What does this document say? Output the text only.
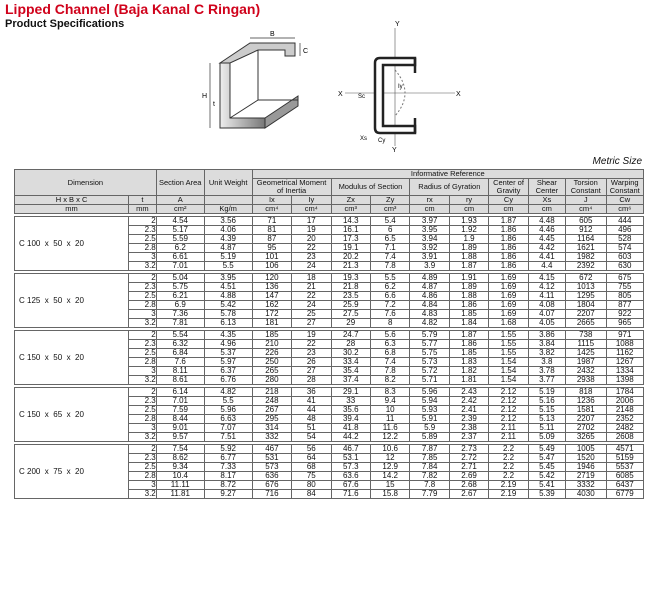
Lipped Channel (Baja Kanal C Ringan)
Product Specifications
B
C
H
t
Y
X	X
Y
Cy
Xs
Sc
Iy
Metric Size
Dimension		Section Area	Unit Weight	Informative Reference									
				Geometrical Moment of Inertia		Modulus of Section		Radius of Gyration		Center of Gravity	Shear Center	Torsion Constant	Warping Constant
H x B x C	t	A		Ix	Iy	Zx	Zy	rx	ry	Cy	Xs	J	Cw
mm	mm	cm²	Kg/m	cm⁴	cm⁴	cm³	cm³	cm	cm	cm	cm	cm⁴	cm⁶

C 100  x  50  x  20	2	4.54	3.56	71	17	14.3	5.4	3.97	1.93	1.87	4.48	605	444
	2.3	5.17	4.06	81	19	16.1	6	3.95	1.92	1.86	4.46	912	496
	2.5	5.59	4.39	87	20	17.3	6.5	3.94	1.9	1.86	4.45	1164	528
	2.8	6.2	4.87	95	22	19.1	7.1	3.92	1.89	1.86	4.42	1621	574
	3	6.61	5.19	101	23	20.2	7.4	3.91	1.88	1.86	4.41	1982	603
	3.2	7.01	5.5	106	24	21.3	7.8	3.9	1.87	1.86	4.4	2392	630

C 125  x  50  x  20	2	5.04	3.95	120	18	19.3	5.5	4.89	1.91	1.69	4.15	672	675
	2.3	5.75	4.51	136	21	21.8	6.2	4.87	1.89	1.69	4.12	1013	755
	2.5	6.21	4.88	147	22	23.5	6.6	4.86	1.88	1.69	4.11	1295	805
	2.8	6.9	5.42	162	24	25.9	7.2	4.84	1.86	1.69	4.08	1804	877
	3	7.36	5.78	172	25	27.5	7.6	4.83	1.85	1.69	4.07	2207	922
	3.2	7.81	6.13	181	27	29	8	4.82	1.84	1.68	4.05	2665	965

C 150  x  50  x  20	2	5.54	4.35	185	19	24.7	5.6	5.79	1.87	1.55	3.86	738	971
	2.3	6.32	4.96	210	22	28	6.3	5.77	1.86	1.55	3.84	1115	1088
	2.5	6.84	5.37	226	23	30.2	6.8	5.75	1.85	1.55	3.82	1425	1162
	2.8	7.6	5.97	250	26	33.4	7.4	5.73	1.83	1.54	3.8	1987	1267
	3	8.11	6.37	265	27	35.4	7.8	5.72	1.82	1.54	3.78	2432	1334
	3.2	8.61	6.76	280	28	37.4	8.2	5.71	1.81	1.54	3.77	2938	1398

C 150  x  65  x  20	2	6.14	4.82	218	36	29.1	8.3	5.96	2.43	2.12	5.19	818	1784
	2.3	7.01	5.5	248	41	33	9.4	5.94	2.42	2.12	5.16	1236	2006
	2.5	7.59	5.96	267	44	35.6	10	5.93	2.41	2.12	5.15	1581	2148
	2.8	8.44	6.63	295	48	39.4	11	5.91	2.39	2.12	5.13	2207	2352
	3	9.01	7.07	314	51	41.8	11.6	5.9	2.38	2.11	5.11	2702	2482
	3.2	9.57	7.51	332	54	44.2	12.2	5.89	2.37	2.11	5.09	3265	2608

C 200  x  75  x  20	2	7.54	5.92	467	56	46.7	10.6	7.87	2.73	2.2	5.49	1005	4571
	2.3	8.62	6.77	531	64	53.1	12	7.85	2.72	2.2	5.47	1520	5159
	2.5	9.34	7.33	573	68	57.3	12.9	7.84	2.71	2.2	5.45	1946	5537
	2.8	10.4	8.17	636	75	63.6	14.2	7.82	2.69	2.2	5.42	2719	6085
	3	11.11	8.72	676	80	67.6	15	7.8	2.68	2.19	5.41	3332	6437
	3.2	11.81	9.27	716	84	71.6	15.8	7.79	2.67	2.19	5.39	4030	6779
